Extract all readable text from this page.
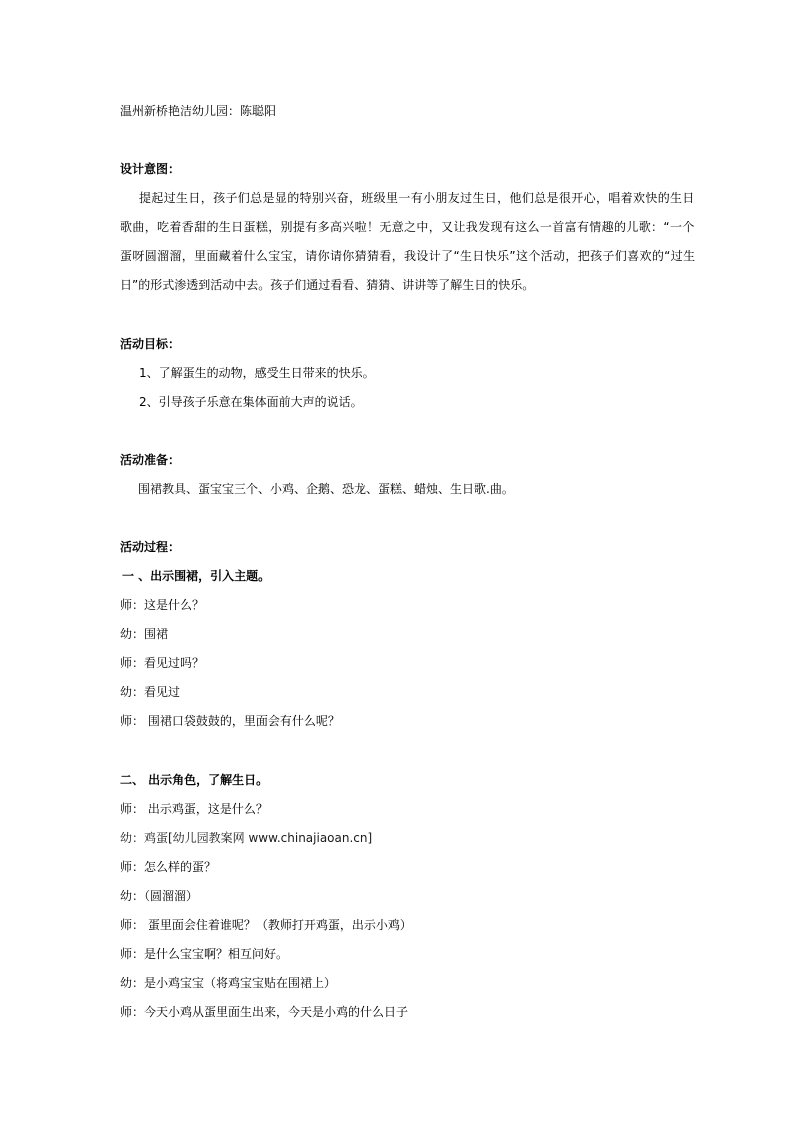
温州新桥艳洁幼儿园：陈聪阳
设计意图：
提起过生日，孩子们总是显的特别兴奋，班级里一有小朋友过生日，他们总是很开心，唱着欢快的生日
歌曲，吃着香甜的生日蛋糕，别提有多高兴啦！无意之中，又让我发现有这么一首富有情趣的儿歌：“一个
蛋呀圆溜溜，里面藏着什么宝宝，请你请你猜猜看，我设计了“生日快乐”这个活动，把孩子们喜欢的“过生
日”的形式渗透到活动中去。孩子们通过看看、猜猜、讲讲等了解生日的快乐。
活动目标：
1、了解蛋生的动物，感受生日带来的快乐。
2、引导孩子乐意在集体面前大声的说话。
活动准备：
围裙教具、蛋宝宝三个、小鸡、企鹅、恐龙、蛋糕、蜡烛、生日歌.曲。
活动过程：
一 、出示围裙，引入主题。
师：这是什么？
幼：围裙
师：看见过吗？
幼：看见过
师： 围裙口袋鼓鼓的，里面会有什么呢？
二、 出示角色，了解生日。
师： 出示鸡蛋，这是什么？
幼：鸡蛋[幼儿园教案网 www.chinajiaoan.cn]
师：怎么样的蛋？
幼：（圆溜溜）
师： 蛋里面会住着谁呢？（教师打开鸡蛋，出示小鸡）
师：是什么宝宝啊？相互问好。
幼：是小鸡宝宝（将鸡宝宝贴在围裙上）
师：今天小鸡从蛋里面生出来，今天是小鸡的什么日子
